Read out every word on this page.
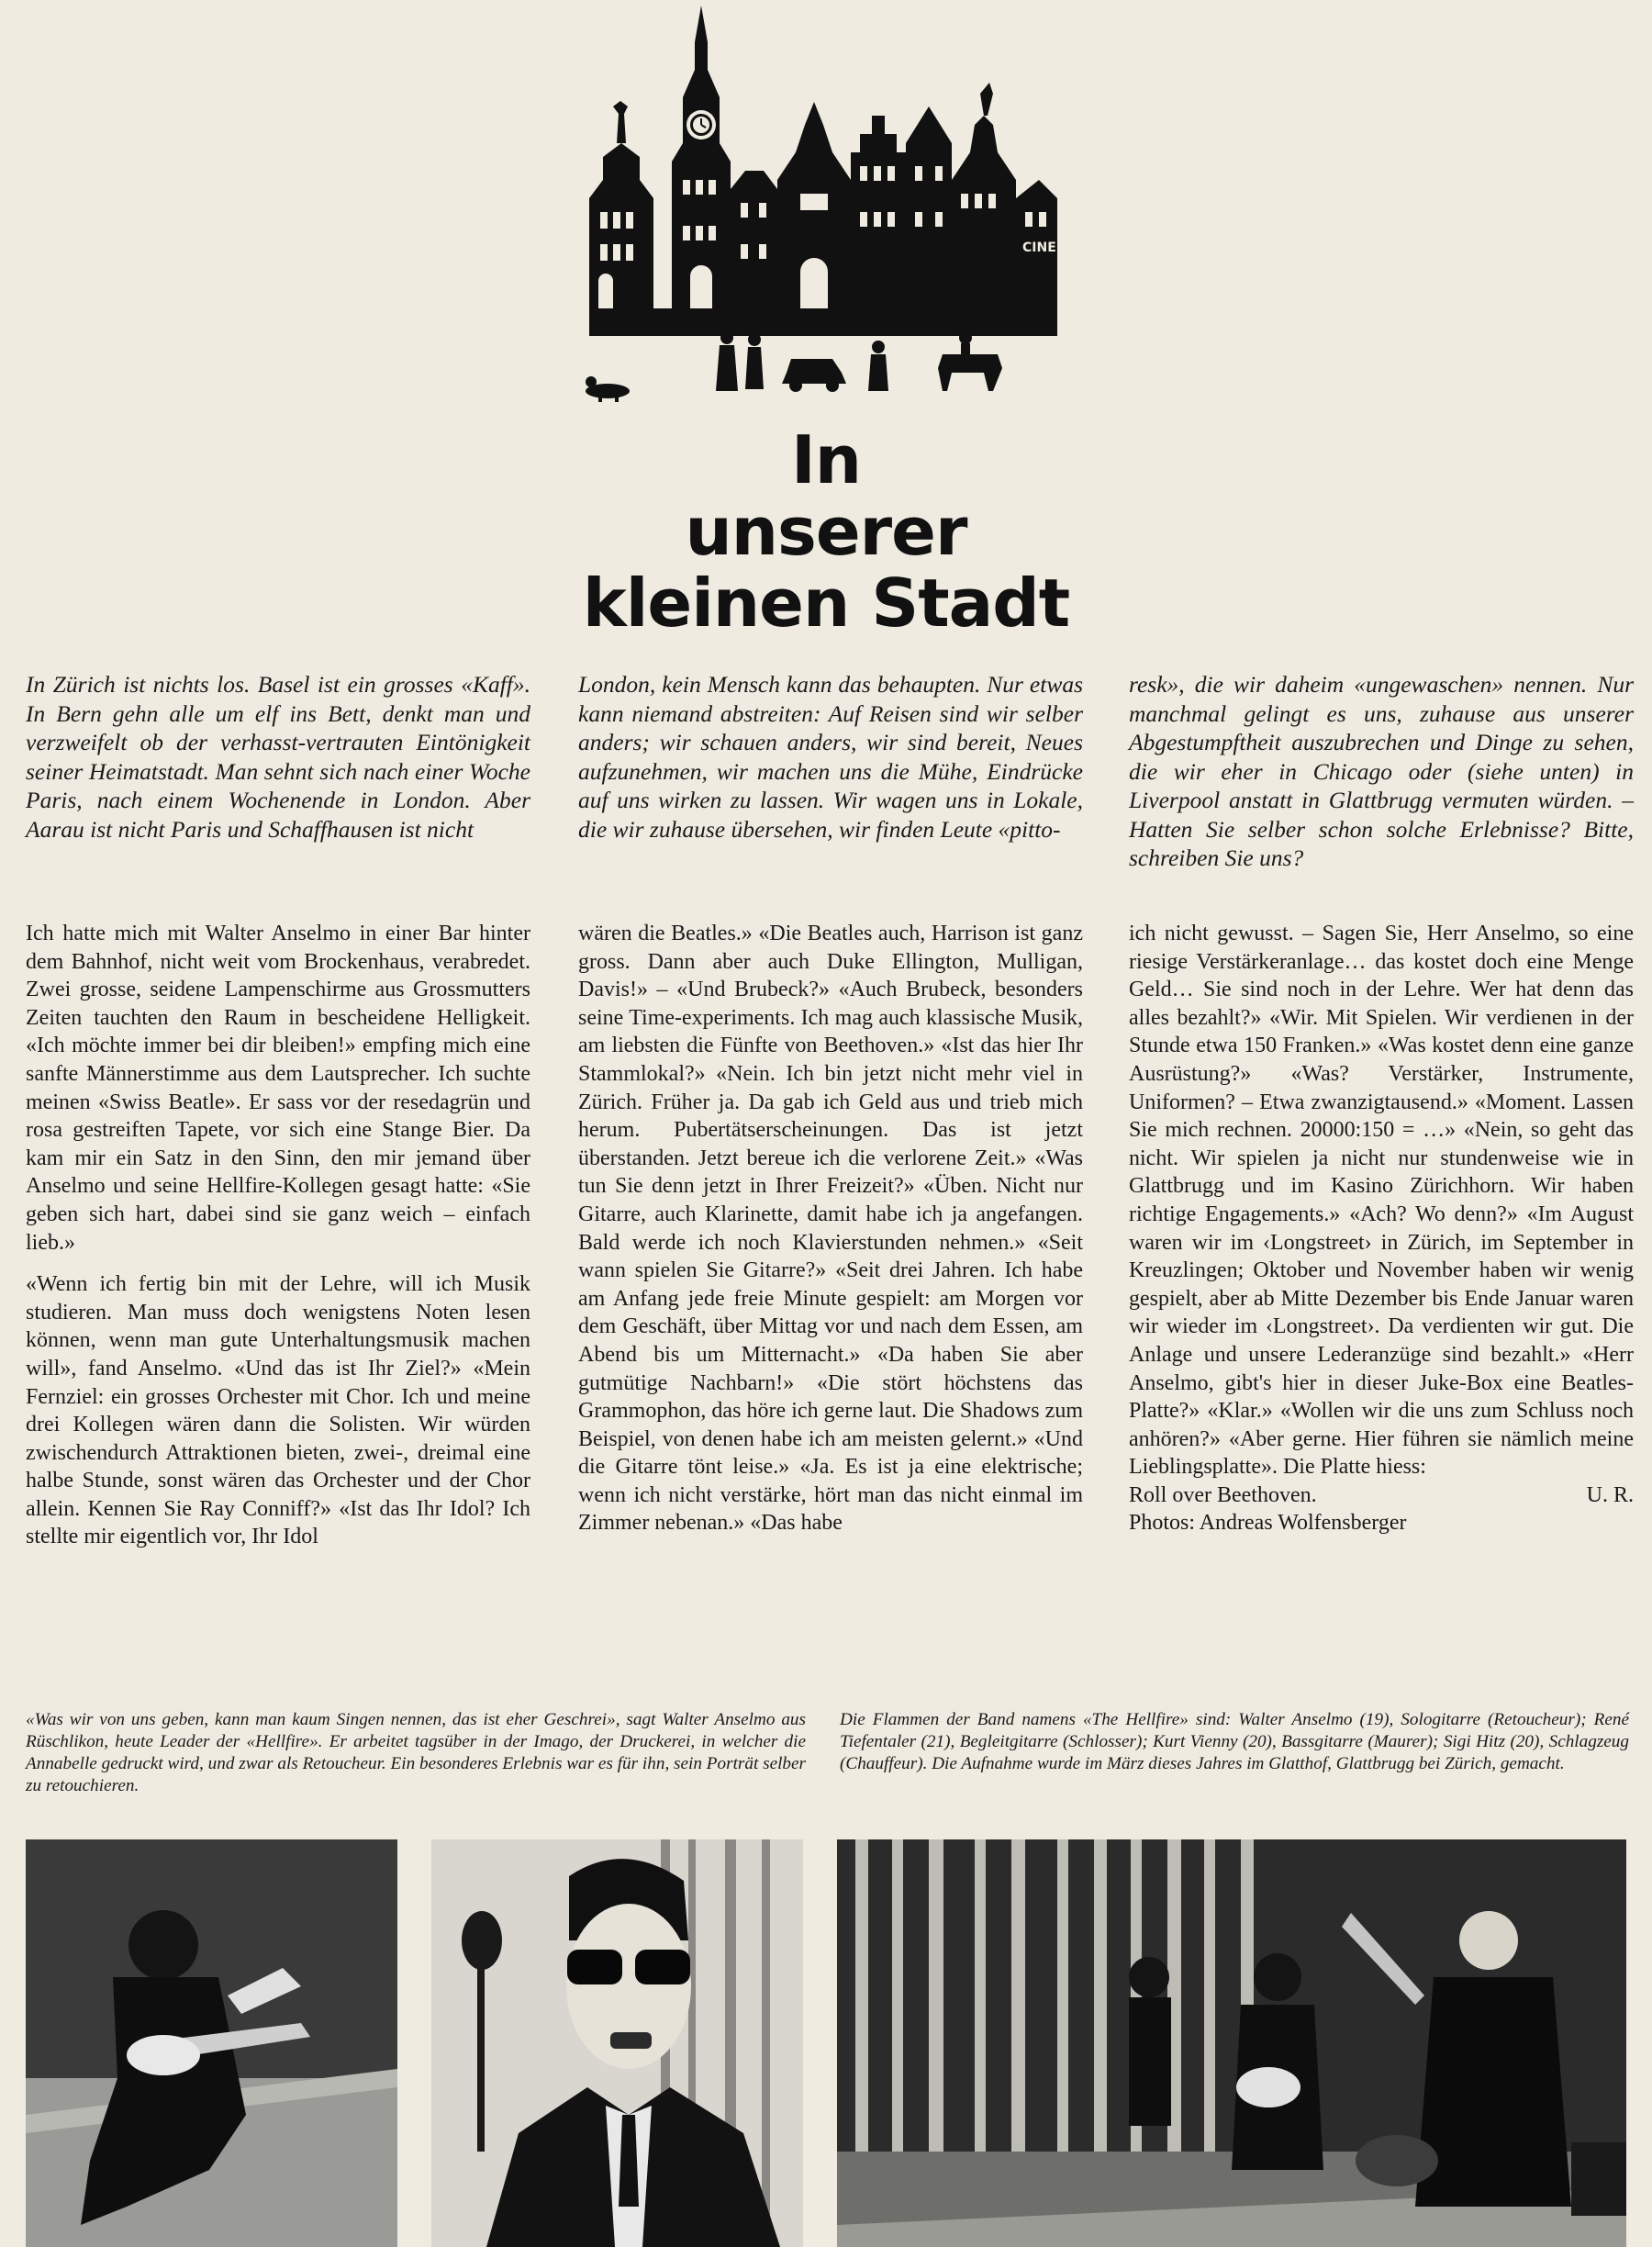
CINE
In
unserer
kleinen Stadt

In Zürich ist nichts los. Basel ist ein grosses «Kaff». In Bern gehn alle um elf ins Bett, denkt man und verzweifelt ob der verhasst-vertrauten Eintönigkeit seiner Heimatstadt. Man sehnt sich nach einer Woche Paris, nach einem Wochenende in London. Aber Aarau ist nicht Paris und Schaffhausen ist nicht

London, kein Mensch kann das behaupten. Nur etwas kann niemand abstreiten: Auf Reisen sind wir selber anders; wir schauen anders, wir sind bereit, Neues aufzunehmen, wir machen uns die Mühe, Eindrücke auf uns wirken zu lassen. Wir wagen uns in Lokale, die wir zuhause übersehen, wir finden Leute «pitto-

resk», die wir daheim «ungewaschen» nennen. Nur manchmal gelingt es uns, zuhause aus unserer Abgestumpftheit auszubrechen und Dinge zu sehen, die wir eher in Chicago oder (siehe unten) in Liverpool anstatt in Glattbrugg vermuten würden. – Hatten Sie selber schon solche Erlebnisse? Bitte, schreiben Sie uns?

Ich hatte mich mit Walter Anselmo in einer Bar hinter dem Bahnhof, nicht weit vom Brockenhaus, verabredet. Zwei grosse, seidene Lampenschirme aus Grossmutters Zeiten tauchten den Raum in bescheidene Helligkeit. «Ich möchte immer bei dir bleiben!» empfing mich eine sanfte Männerstimme aus dem Lautsprecher. Ich suchte meinen «Swiss Beatle». Er sass vor der resedagrün und rosa gestreiften Tapete, vor sich eine Stange Bier. Da kam mir ein Satz in den Sinn, den mir jemand über Anselmo und seine Hellfire-Kollegen gesagt hatte: «Sie geben sich hart, dabei sind sie ganz weich – einfach lieb.»

«Wenn ich fertig bin mit der Lehre, will ich Musik studieren. Man muss doch wenigstens Noten lesen können, wenn man gute Unterhaltungsmusik machen will», fand Anselmo. «Und das ist Ihr Ziel?» «Mein Fernziel: ein grosses Orchester mit Chor. Ich und meine drei Kollegen wären dann die Solisten. Wir würden zwischendurch Attraktionen bieten, zwei-, dreimal eine halbe Stunde, sonst wären das Orchester und der Chor allein. Kennen Sie Ray Conniff?» «Ist das Ihr Idol? Ich stellte mir eigentlich vor, Ihr Idol

wären die Beatles.» «Die Beatles auch, Harrison ist ganz gross. Dann aber auch Duke Ellington, Mulligan, Davis!» – «Und Brubeck?» «Auch Brubeck, besonders seine Time-experiments. Ich mag auch klassische Musik, am liebsten die Fünfte von Beethoven.» «Ist das hier Ihr Stammlokal?» «Nein. Ich bin jetzt nicht mehr viel in Zürich. Früher ja. Da gab ich Geld aus und trieb mich herum. Pubertätserscheinungen. Das ist jetzt überstanden. Jetzt bereue ich die verlorene Zeit.» «Was tun Sie denn jetzt in Ihrer Freizeit?» «Üben. Nicht nur Gitarre, auch Klarinette, damit habe ich ja angefangen. Bald werde ich noch Klavierstunden nehmen.» «Seit wann spielen Sie Gitarre?» «Seit drei Jahren. Ich habe am Anfang jede freie Minute gespielt: am Morgen vor dem Geschäft, über Mittag vor und nach dem Essen, am Abend bis um Mitternacht.» «Da haben Sie aber gutmütige Nachbarn!» «Die stört höchstens das Grammophon, das höre ich gerne laut. Die Shadows zum Beispiel, von denen habe ich am meisten gelernt.» «Und die Gitarre tönt leise.» «Ja. Es ist ja eine elektrische; wenn ich nicht verstärke, hört man das nicht einmal im Zimmer nebenan.» «Das habe

ich nicht gewusst. – Sagen Sie, Herr Anselmo, so eine riesige Verstärkeranlage… das kostet doch eine Menge Geld… Sie sind noch in der Lehre. Wer hat denn das alles bezahlt?» «Wir. Mit Spielen. Wir verdienen in der Stunde etwa 150 Franken.» «Was kostet denn eine ganze Ausrüstung?» «Was? Verstärker, Instrumente, Uniformen? – Etwa zwanzigtausend.» «Moment. Lassen Sie mich rechnen. 20000:150 = …» «Nein, so geht das nicht. Wir spielen ja nicht nur stundenweise wie in Glattbrugg und im Kasino Zürichhorn. Wir haben richtige Engagements.» «Ach? Wo denn?» «Im August waren wir im ‹Longstreet› in Zürich, im September in Kreuzlingen; Oktober und November haben wir wenig gespielt, aber ab Mitte Dezember bis Ende Januar waren wir wieder im ‹Longstreet›. Da verdienten wir gut. Die Anlage und unsere Lederanzüge sind bezahlt.» «Herr Anselmo, gibt's hier in dieser Juke-Box eine Beatles-Platte?» «Klar.» «Wollen wir die uns zum Schluss noch anhören?» «Aber gerne. Hier führen sie nämlich meine Lieblingsplatte». Die Platte hiess:

Roll over Beethoven.	U. R.
Photos: Andreas Wolfensberger

«Was wir von uns geben, kann man kaum Singen nennen, das ist eher Geschrei», sagt Walter Anselmo aus Rüschlikon, heute Leader der «Hellfire». Er arbeitet tagsüber in der Imago, der Druckerei, in welcher die Annabelle gedruckt wird, und zwar als Retoucheur. Ein besonderes Erlebnis war es für ihn, sein Porträt selber zu retouchieren.

Die Flammen der Band namens «The Hellfire» sind: Walter Anselmo (19), Sologitarre (Retoucheur); René Tiefentaler (21), Begleitgitarre (Schlosser); Kurt Vienny (20), Bassgitarre (Maurer); Sigi Hitz (20), Schlagzeug (Chauffeur). Die Aufnahme wurde im März dieses Jahres im Glatthof, Glattbrugg bei Zürich, gemacht.
